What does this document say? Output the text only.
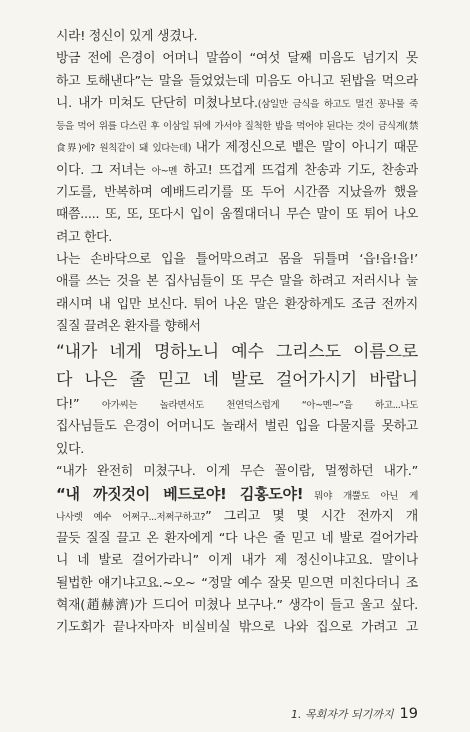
시라! 정신이 있게 생겼나.
방금 전에 은경이 어머니 말씀이 “여섯 달째 미음도 넘기지 못
하고 토해낸다”는 말을 들었었는데 미음도 아니고 된밥을 먹으라
니. 내가 미쳐도 단단히 미쳤나보다.(삼일만 금식을 하고도 멀건 꽁나물 죽
등을 먹어 위를 다스린 후 이삼일 뒤에 가서야 질척한 밥을 먹어야 된다는 것이 금식계(禁
食界)에? 원칙같이 돼 있다는데) 내가 제정신으로 뱉은 말이 아니기 때문
이다. 그 저녀는 아~멘 하고! 뜨겁게 뜨겁게 찬송과 기도, 찬송과
기도를, 반복하며 예배드리기를 또 두어 시간쯤 지났을까 했을
때쯤..... 또, 또, 또다시 입이 움찔대더니 무슨 말이 또 튀어 나오
려고 한다.
나는 손바닥으로 입을 틀어막으려고 몸을 뒤틀며 ‘읍!읍!읍!’
애를 쓰는 것을 본 집사님들이 또 무슨 말을 하려고 저러시나 눌
래시며 내 입만 보신다. 튀어 나온 말은 환장하게도 조금 전까지
질질 끌려온 환자를 향해서
“내가 네게 명하노니 예수 그리스도 이름으로
다 나은 줄 믿고 네 발로 걸어가시기 바랍니
다!” 아가씨는 놀라면서도 천연덕스럽게 “아~멘~”을 하고...나도
집사님들도 은경이 어머니도 놀래서 벌린 입을 다물지를 못하고
있다.
“내가 완전히 미쳤구나. 이게 무슨 꼴이람, 멀쩡하던 내가.”
“내 까짓것이 베드로야! 김홍도야! 뭐야 개뿔도 아닌 게
나사렛 예수 어쩌구...저쩌구하고?” 그리고 몇 몇 시간 전까지 개
끌듯 질질 끌고 온 환자에게 “다 나은 줄 믿고 네 발로 걸어가라
니 네 발로 걸어가라니” 이게 내가 제 정신이냐고요. 말이나
될법한 얘기냐고요.~오~ “정말 예수 잘못 믿으면 미친다더니 조
혁재(趙赫濟)가 드디어 미쳤나 보구나.” 생각이 들고 울고 싶다.
기도회가 끝나자마자 비실비실 밖으로 나와 집으로 가려고 고
1. 목회자가 되기까지 19
